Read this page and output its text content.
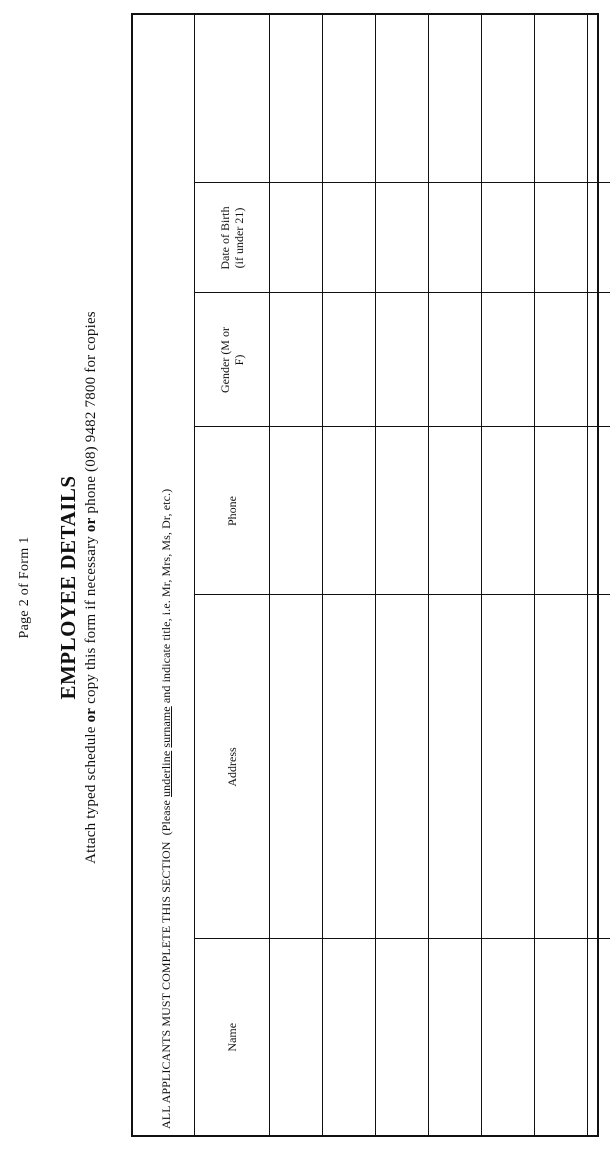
Page 2 of Form 1 EMPLOYEE DETAILS
Attach typed schedule or copy this form if necessary or phone (08) 9482 7800 for copies
ALL APPLICANTS MUST COMPLETE THIS SECTION(Please underline surname and indicate title, i.e. Mr, Mrs, Ms, Dr, etc.)
Name	Address	Phone	Gender (M or F)	Date of Birth (if under 21)	
